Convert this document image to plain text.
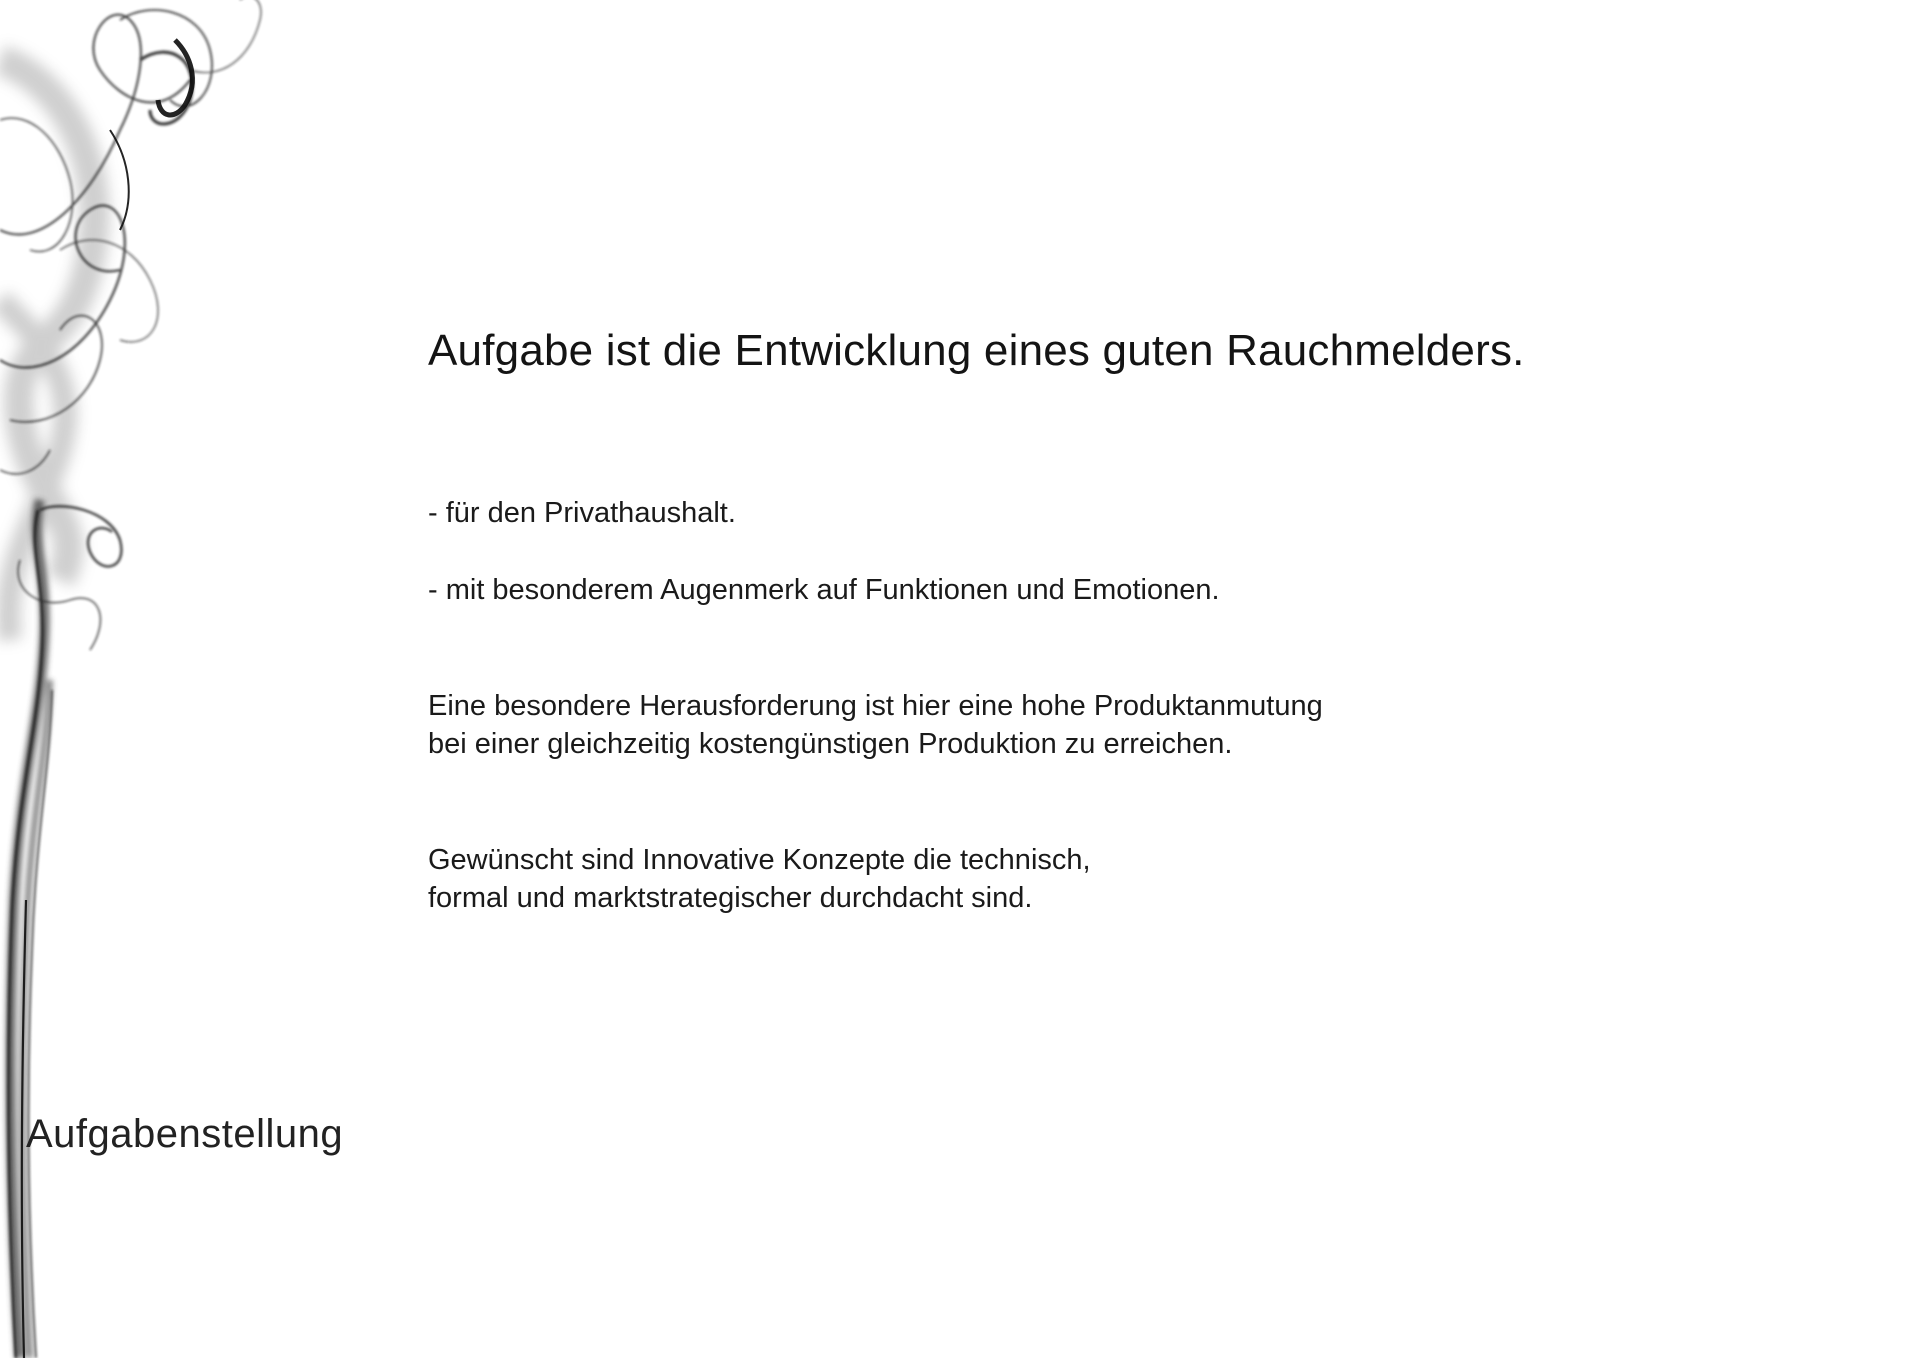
Aufgabe ist die Entwicklung eines guten Rauchmelders.

- für den Privathaushalt.

- mit besonderem Augenmerk auf Funktionen und Emotionen.

Eine besondere Herausforderung ist hier eine hohe Produktanmutung
bei einer gleichzeitig kostengünstigen Produktion zu erreichen.

Gewünscht sind Innovative Konzepte die technisch,
formal und marktstrategischer durchdacht sind.

Aufgabenstellung
